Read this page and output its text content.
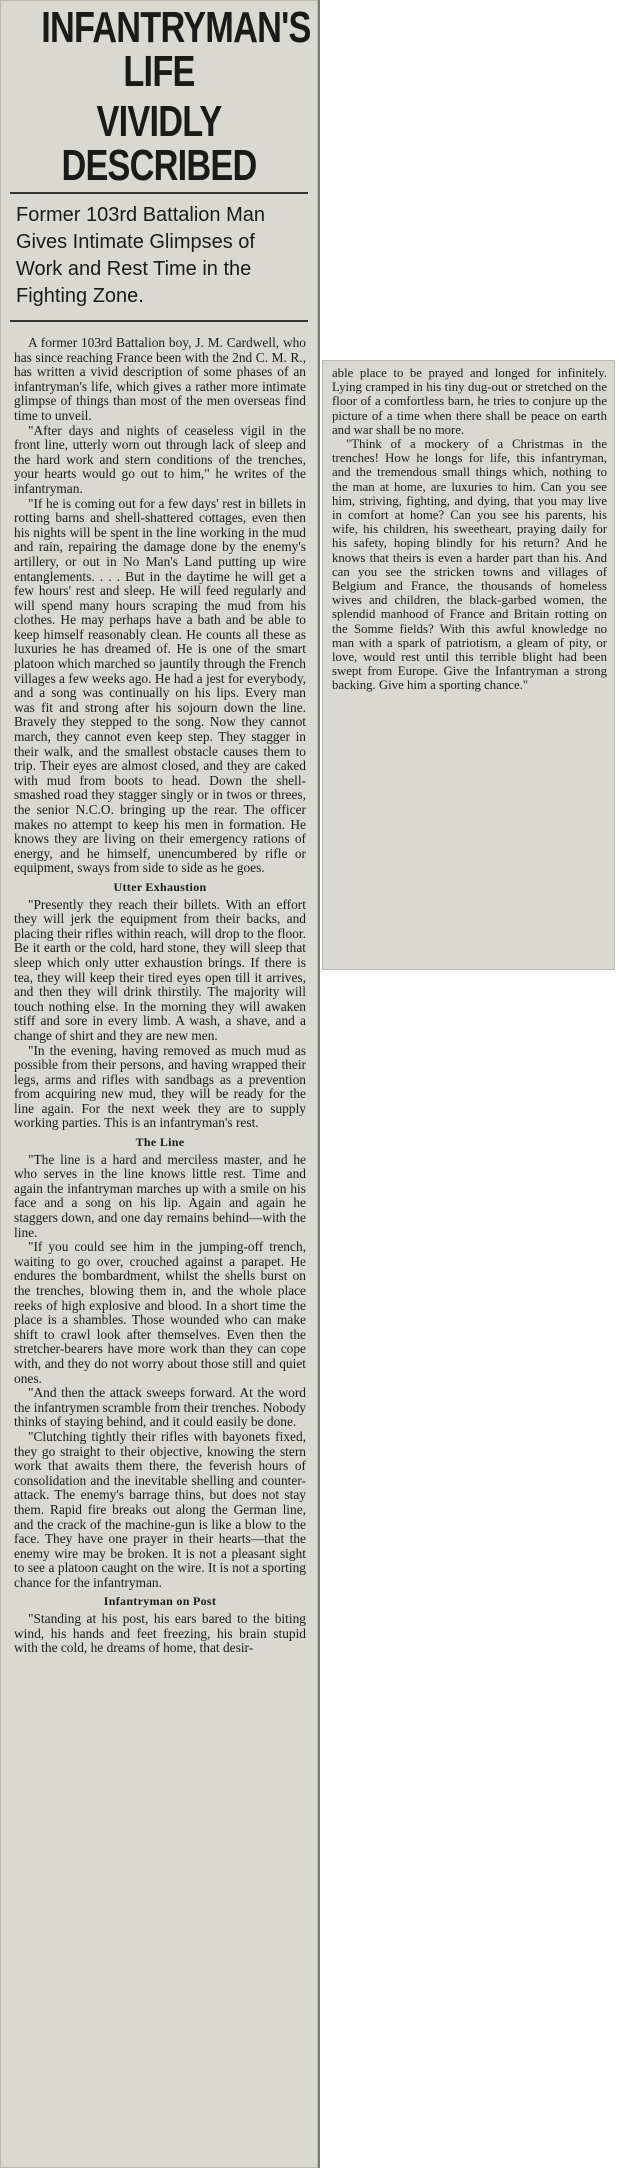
INFANTRYMAN'S LIFE
VIVIDLY DESCRIBED
Former 103rd Battalion Man Gives Intimate Glimpses of Work and Rest Time in the Fighting Zone.

A former 103rd Battalion boy, J. M. Cardwell, who has since reaching France been with the 2nd C. M. R., has written a vivid description of some phases of an infantryman's life, which gives a rather more intimate glimpse of things than most of the men overseas find time to unveil.

"After days and nights of ceaseless vigil in the front line, utterly worn out through lack of sleep and the hard work and stern conditions of the trenches, your hearts would go out to him," he writes of the infantryman.

"If he is coming out for a few days' rest in billets in rotting barns and shell-shattered cottages, even then his nights will be spent in the line working in the mud and rain, repairing the damage done by the enemy's artillery, or out in No Man's Land putting up wire entanglements. . . . But in the daytime he will get a few hours' rest and sleep. He will feed regularly and will spend many hours scraping the mud from his clothes. He may perhaps have a bath and be able to keep himself reasonably clean. He counts all these as luxuries he has dreamed of. He is one of the smart platoon which marched so jauntily through the French villages a few weeks ago. He had a jest for everybody, and a song was continually on his lips. Every man was fit and strong after his sojourn down the line. Bravely they stepped to the song. Now they cannot march, they cannot even keep step. They stagger in their walk, and the smallest obstacle causes them to trip. Their eyes are almost closed, and they are caked with mud from boots to head. Down the shell-smashed road they stagger singly or in twos or threes, the senior N.C.O. bringing up the rear. The officer makes no attempt to keep his men in formation. He knows they are living on their emergency rations of energy, and he himself, unencumbered by rifle or equipment, sways from side to side as he goes.

Utter Exhaustion

"Presently they reach their billets. With an effort they will jerk the equipment from their backs, and placing their rifles within reach, will drop to the floor. Be it earth or the cold, hard stone, they will sleep that sleep which only utter exhaustion brings. If there is tea, they will keep their tired eyes open till it arrives, and then they will drink thirstily. The majority will touch nothing else. In the morning they will awaken stiff and sore in every limb. A wash, a shave, and a change of shirt and they are new men.

"In the evening, having removed as much mud as possible from their persons, and having wrapped their legs, arms and rifles with sandbags as a prevention from acquiring new mud, they will be ready for the line again. For the next week they are to supply working parties. This is an infantryman's rest.

The Line

"The line is a hard and merciless master, and he who serves in the line knows little rest. Time and again the infantryman marches up with a smile on his face and a song on his lip. Again and again he staggers down, and one day remains behind—with the line.

"If you could see him in the jumping-off trench, waiting to go over, crouched against a parapet. He endures the bombardment, whilst the shells burst on the trenches, blowing them in, and the whole place reeks of high explosive and blood. In a short time the place is a shambles. Those wounded who can make shift to crawl look after themselves. Even then the stretcher-bearers have more work than they can cope with, and they do not worry about those still and quiet ones.

"And then the attack sweeps forward. At the word the infantrymen scramble from their trenches. Nobody thinks of staying behind, and it could easily be done.

"Clutching tightly their rifles with bayonets fixed, they go straight to their objective, knowing the stern work that awaits them there, the feverish hours of consolidation and the inevitable shelling and counter-attack. The enemy's barrage thins, but does not stay them. Rapid fire breaks out along the German line, and the crack of the machine-gun is like a blow to the face. They have one prayer in their hearts—that the enemy wire may be broken. It is not a pleasant sight to see a platoon caught on the wire. It is not a sporting chance for the infantryman.

Infantryman on Post

"Standing at his post, his ears bared to the biting wind, his hands and feet freezing, his brain stupid with the cold, he dreams of home, that desir-

able place to be prayed and longed for infinitely. Lying cramped in his tiny dug-out or stretched on the floor of a comfortless barn, he tries to conjure up the picture of a time when there shall be peace on earth and war shall be no more.

"Think of a mockery of a Christmas in the trenches! How he longs for life, this infantryman, and the tremendous small things which, nothing to the man at home, are luxuries to him. Can you see him, striving, fighting, and dying, that you may live in comfort at home? Can you see his parents, his wife, his children, his sweetheart, praying daily for his safety, hoping blindly for his return? And he knows that theirs is even a harder part than his. And can you see the stricken towns and villages of Belgium and France, the thousands of homeless wives and children, the black-garbed women, the splendid manhood of France and Britain rotting on the Somme fields? With this awful knowledge no man with a spark of patriotism, a gleam of pity, or love, would rest until this terrible blight had been swept from Europe. Give the Infantryman a strong backing. Give him a sporting chance."
